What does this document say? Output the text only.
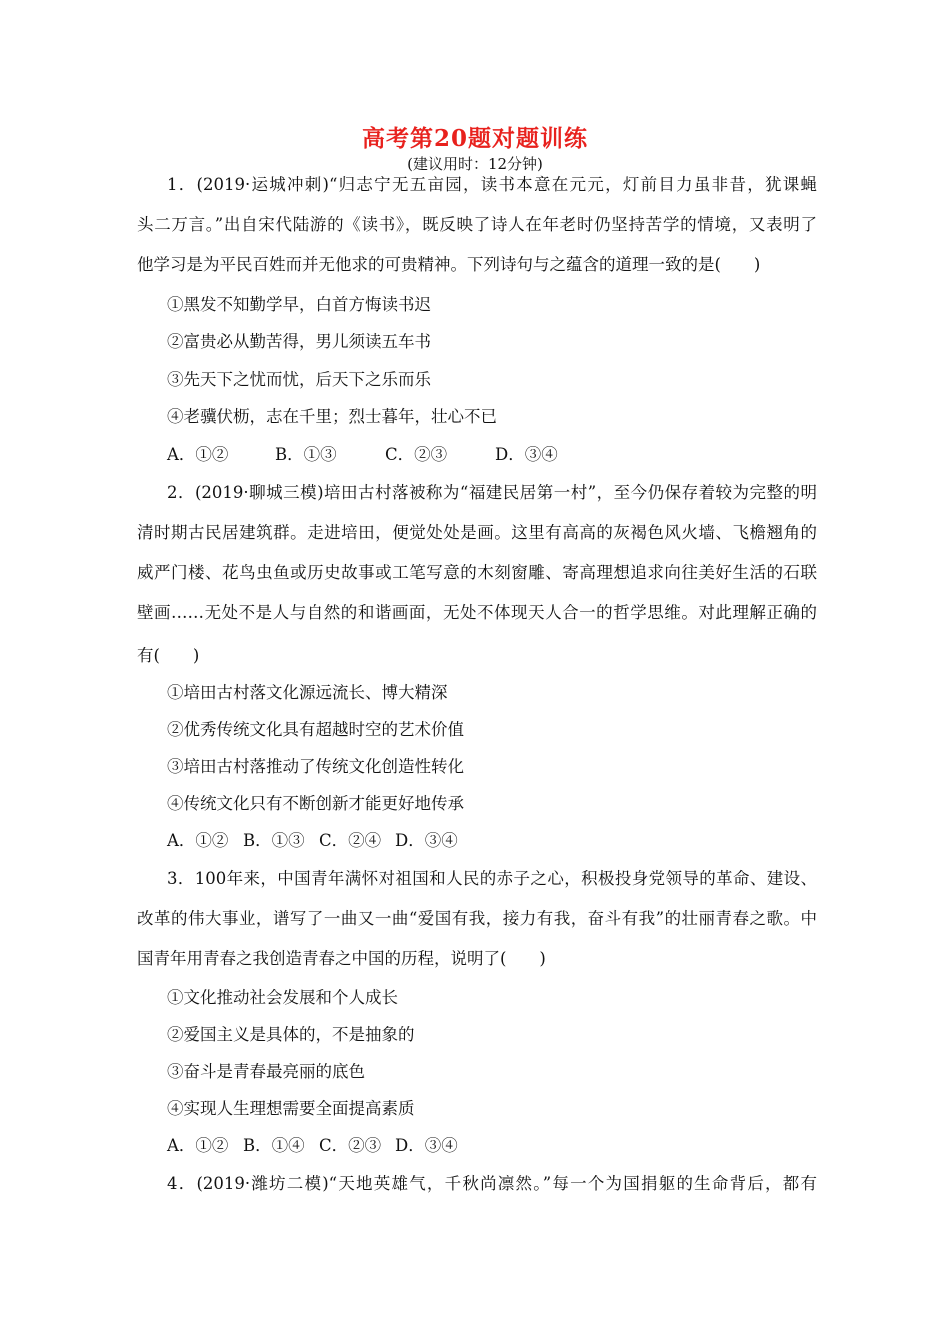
高考第20题对题训练
(建议用时：12分钟)
1．(2019·运城冲刺)“归志宁无五亩园，读书本意在元元，灯前目力虽非昔，犹课蝇
头二万言。”出自宋代陆游的《读书》，既反映了诗人在年老时仍坚持苦学的情境，又表明了
他学习是为平民百姓而并无他求的可贵精神。下列诗句与之蕴含的道理一致的是(　　)
①黑发不知勤学早，白首方悔读书迟
②富贵必从勤苦得，男儿须读五车书
③先天下之忧而忧，后天下之乐而乐
④老骥伏枥，志在千里；烈士暮年，壮心不已
A．①②	B．①③	C．②③	D．③④
2．(2019·聊城三模)培田古村落被称为“福建民居第一村”，至今仍保存着较为完整的明
清时期古民居建筑群。走进培田，便觉处处是画。这里有高高的灰褐色风火墙、飞檐翘角的
威严门楼、花鸟虫鱼或历史故事或工笔写意的木刻窗雕、寄高理想追求向往美好生活的石联
壁画……无处不是人与自然的和谐画面，无处不体现天人合一的哲学思维。对此理解正确的
有(　　)
①培田古村落文化源远流长、博大精深
②优秀传统文化具有超越时空的艺术价值
③培田古村落推动了传统文化创造性转化
④传统文化只有不断创新才能更好地传承
A．①② B．①③ C．②④ D．③④
3．100年来，中国青年满怀对祖国和人民的赤子之心，积极投身党领导的革命、建设、
改革的伟大事业，谱写了一曲又一曲“爱国有我，接力有我，奋斗有我”的壮丽青春之歌。中
国青年用青春之我创造青春之中国的历程，说明了(　　)
①文化推动社会发展和个人成长
②爱国主义是具体的，不是抽象的
③奋斗是青春最亮丽的底色
④实现人生理想需要全面提高素质
A．①② B．①④ C．②③ D．③④
4．(2019·潍坊二模)“天地英雄气，千秋尚凛然。”每一个为国捐躯的生命背后，都有
